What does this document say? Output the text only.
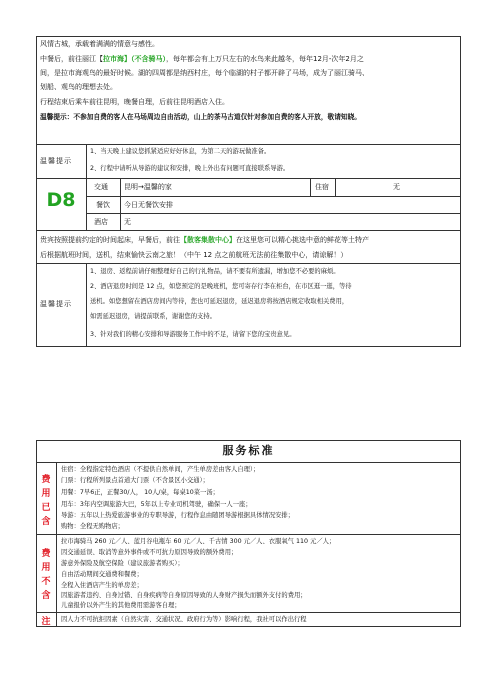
风情古城，承载着满满的情意与感性。
中餐后，前往丽江【拉市海】（不含骑马），每年都会有上万只左右的水鸟来此越冬，每年12月-次年2月之
间，是拉市海观鸟的最好时候。湖的四周都是纳西村庄，每个临湖的村子都开辟了马场，成为了丽江骑马、
划船、观鸟的理想去处。
行程结束后乘车前往昆明，晚餐自理，后前往昆明酒店入住。
温馨提示：不参加自费的客人在马场周边自由活动，山上的茶马古道仅针对参加自费的客人开放，敬请知晓。
温馨提示
1、当天晚上建议您抓紧适应好好休息，为第二天的游玩做准备。
2、行程中请听从导游的建议和安排，晚上外出有问题可直接联系导游。
D8
交通 昆明→温馨的家	住宿	无
餐饮 今日无餐饮安排
酒店 无
贵宾按照提前约定的时间起床，早餐后，前往【散客集散中心】在这里您可以精心挑选中意的鲜花等土特产
后根据航班时间，送机，结束愉快云南之旅！（中午 12 点之前航班无法前往集散中心，请谅解！）
温馨提示
1、退房、返程前请仔细整理好自己的行礼物品，请不要有所遗漏，增加您不必要的麻烦。
2、酒店退房时间是 12 点，如您预定的是晚班机，您可寄存行李在柜台，在市区逛一逛，等待
送机。如您想留在酒店房间内等待，您也可延迟退房，延迟退房将按酒店规定收取相关费用，
如需延迟退房，请提前联系，谢谢您的支持。
3、针对我们的精心安排和导游服务工作中的不足，请留下您的宝贵意见。
服务标准
费
用
已
含
住宿：全程指定特色酒店（不提供自然单间，产生单房差由客人自理）；
门票：行程所列景点首道大门票（不含景区小交通）；
用餐：7早6正，正餐30/人， 10人/桌，每桌10菜一汤；
用车：3年内空调旅游大巴，5年以上专业司机驾驶，确保一人一座；
导游：五年以上热爱旅游事业的专职导游，行程作息由随团导游根据具体情况安排；
购物：全程无购物店；
费
用
不
含
拉市海骑马 260 元／人、蓝月谷电瓶车 60 元／人、千古情 300 元／人、衣服氧气 110 元／人；
因交通延误、取消等意外事件或不可抗力原因导致的额外费用；
游意外保险及航空保险（建议旅游者购买）；
自由活动期间交通费和餐费；
全程入住酒店产生的单房差；
因旅游者违约、自身过错、自身疾病等自身原因导致的人身财产损失而额外支付的费用；
儿童报价以外产生的其他费用需游客自理；
注	因人力不可抗拒因素（自然灾害、交通状况、政府行为等）影响行程，我社可以作出行程
